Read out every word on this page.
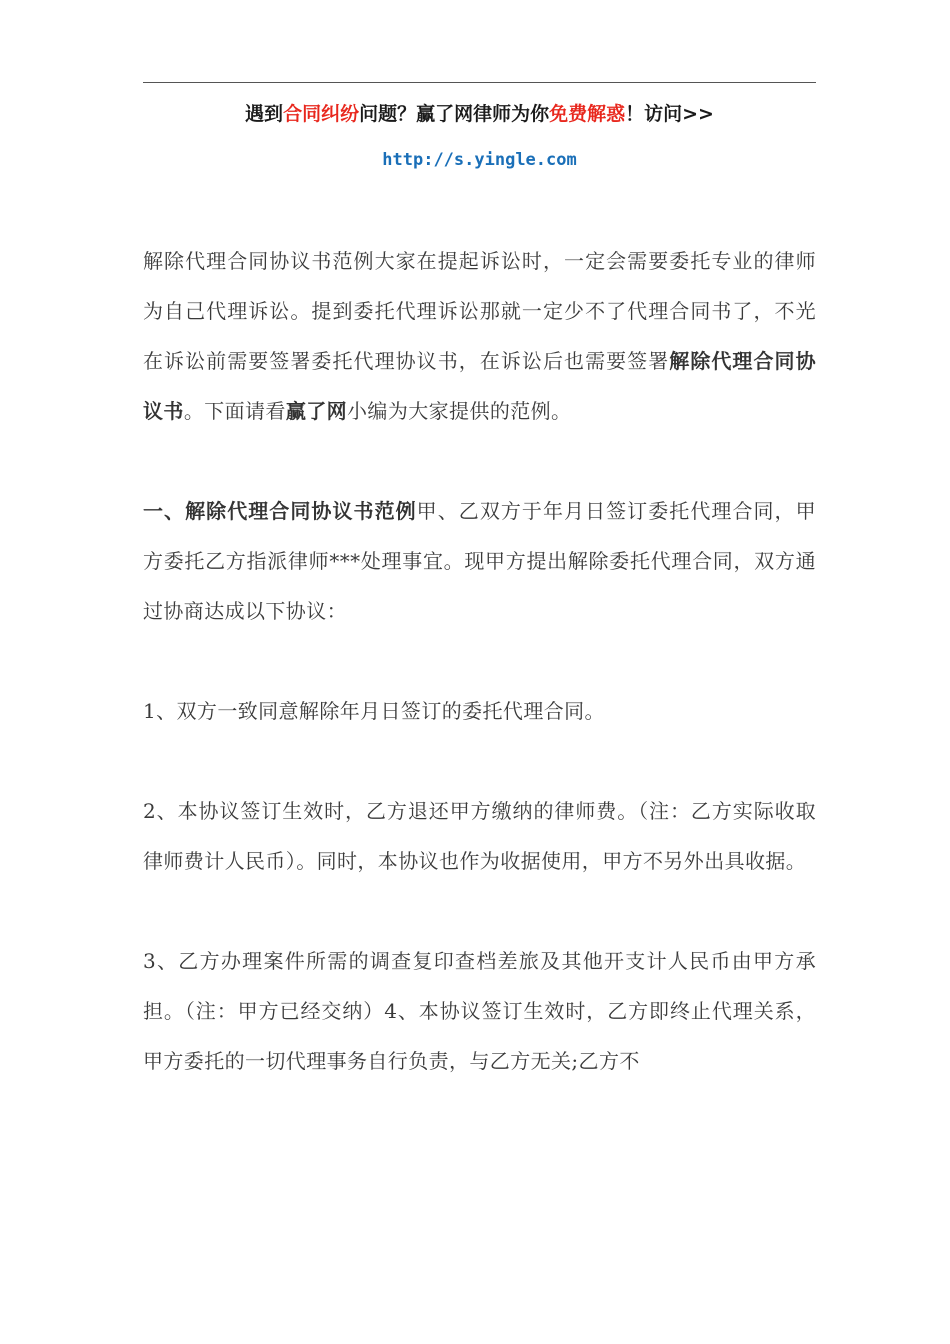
遇到合同纠纷问题？赢了网律师为你免费解惑！访问>>
http://s.yingle.com

解除代理合同协议书范例大家在提起诉讼时，一定会需要委托专业的律师为自己代理诉讼。提到委托代理诉讼那就一定少不了代理合同书了，不光在诉讼前需要签署委托代理协议书，在诉讼后也需要签署解除代理合同协议书。下面请看赢了网小编为大家提供的范例。

一、解除代理合同协议书范例甲、乙双方于年月日签订委托代理合同，甲方委托乙方指派律师***处理事宜。现甲方提出解除委托代理合同，双方通过协商达成以下协议：

1、双方一致同意解除年月日签订的委托代理合同。

2、本协议签订生效时，乙方退还甲方缴纳的律师费。（注：乙方实际收取律师费计人民币）。同时，本协议也作为收据使用，甲方不另外出具收据。

3、乙方办理案件所需的调查复印查档差旅及其他开支计人民币由甲方承担。（注：甲方已经交纳）4、本协议签订生效时，乙方即终止代理关系，甲方委托的一切代理事务自行负责，与乙方无关;乙方不
